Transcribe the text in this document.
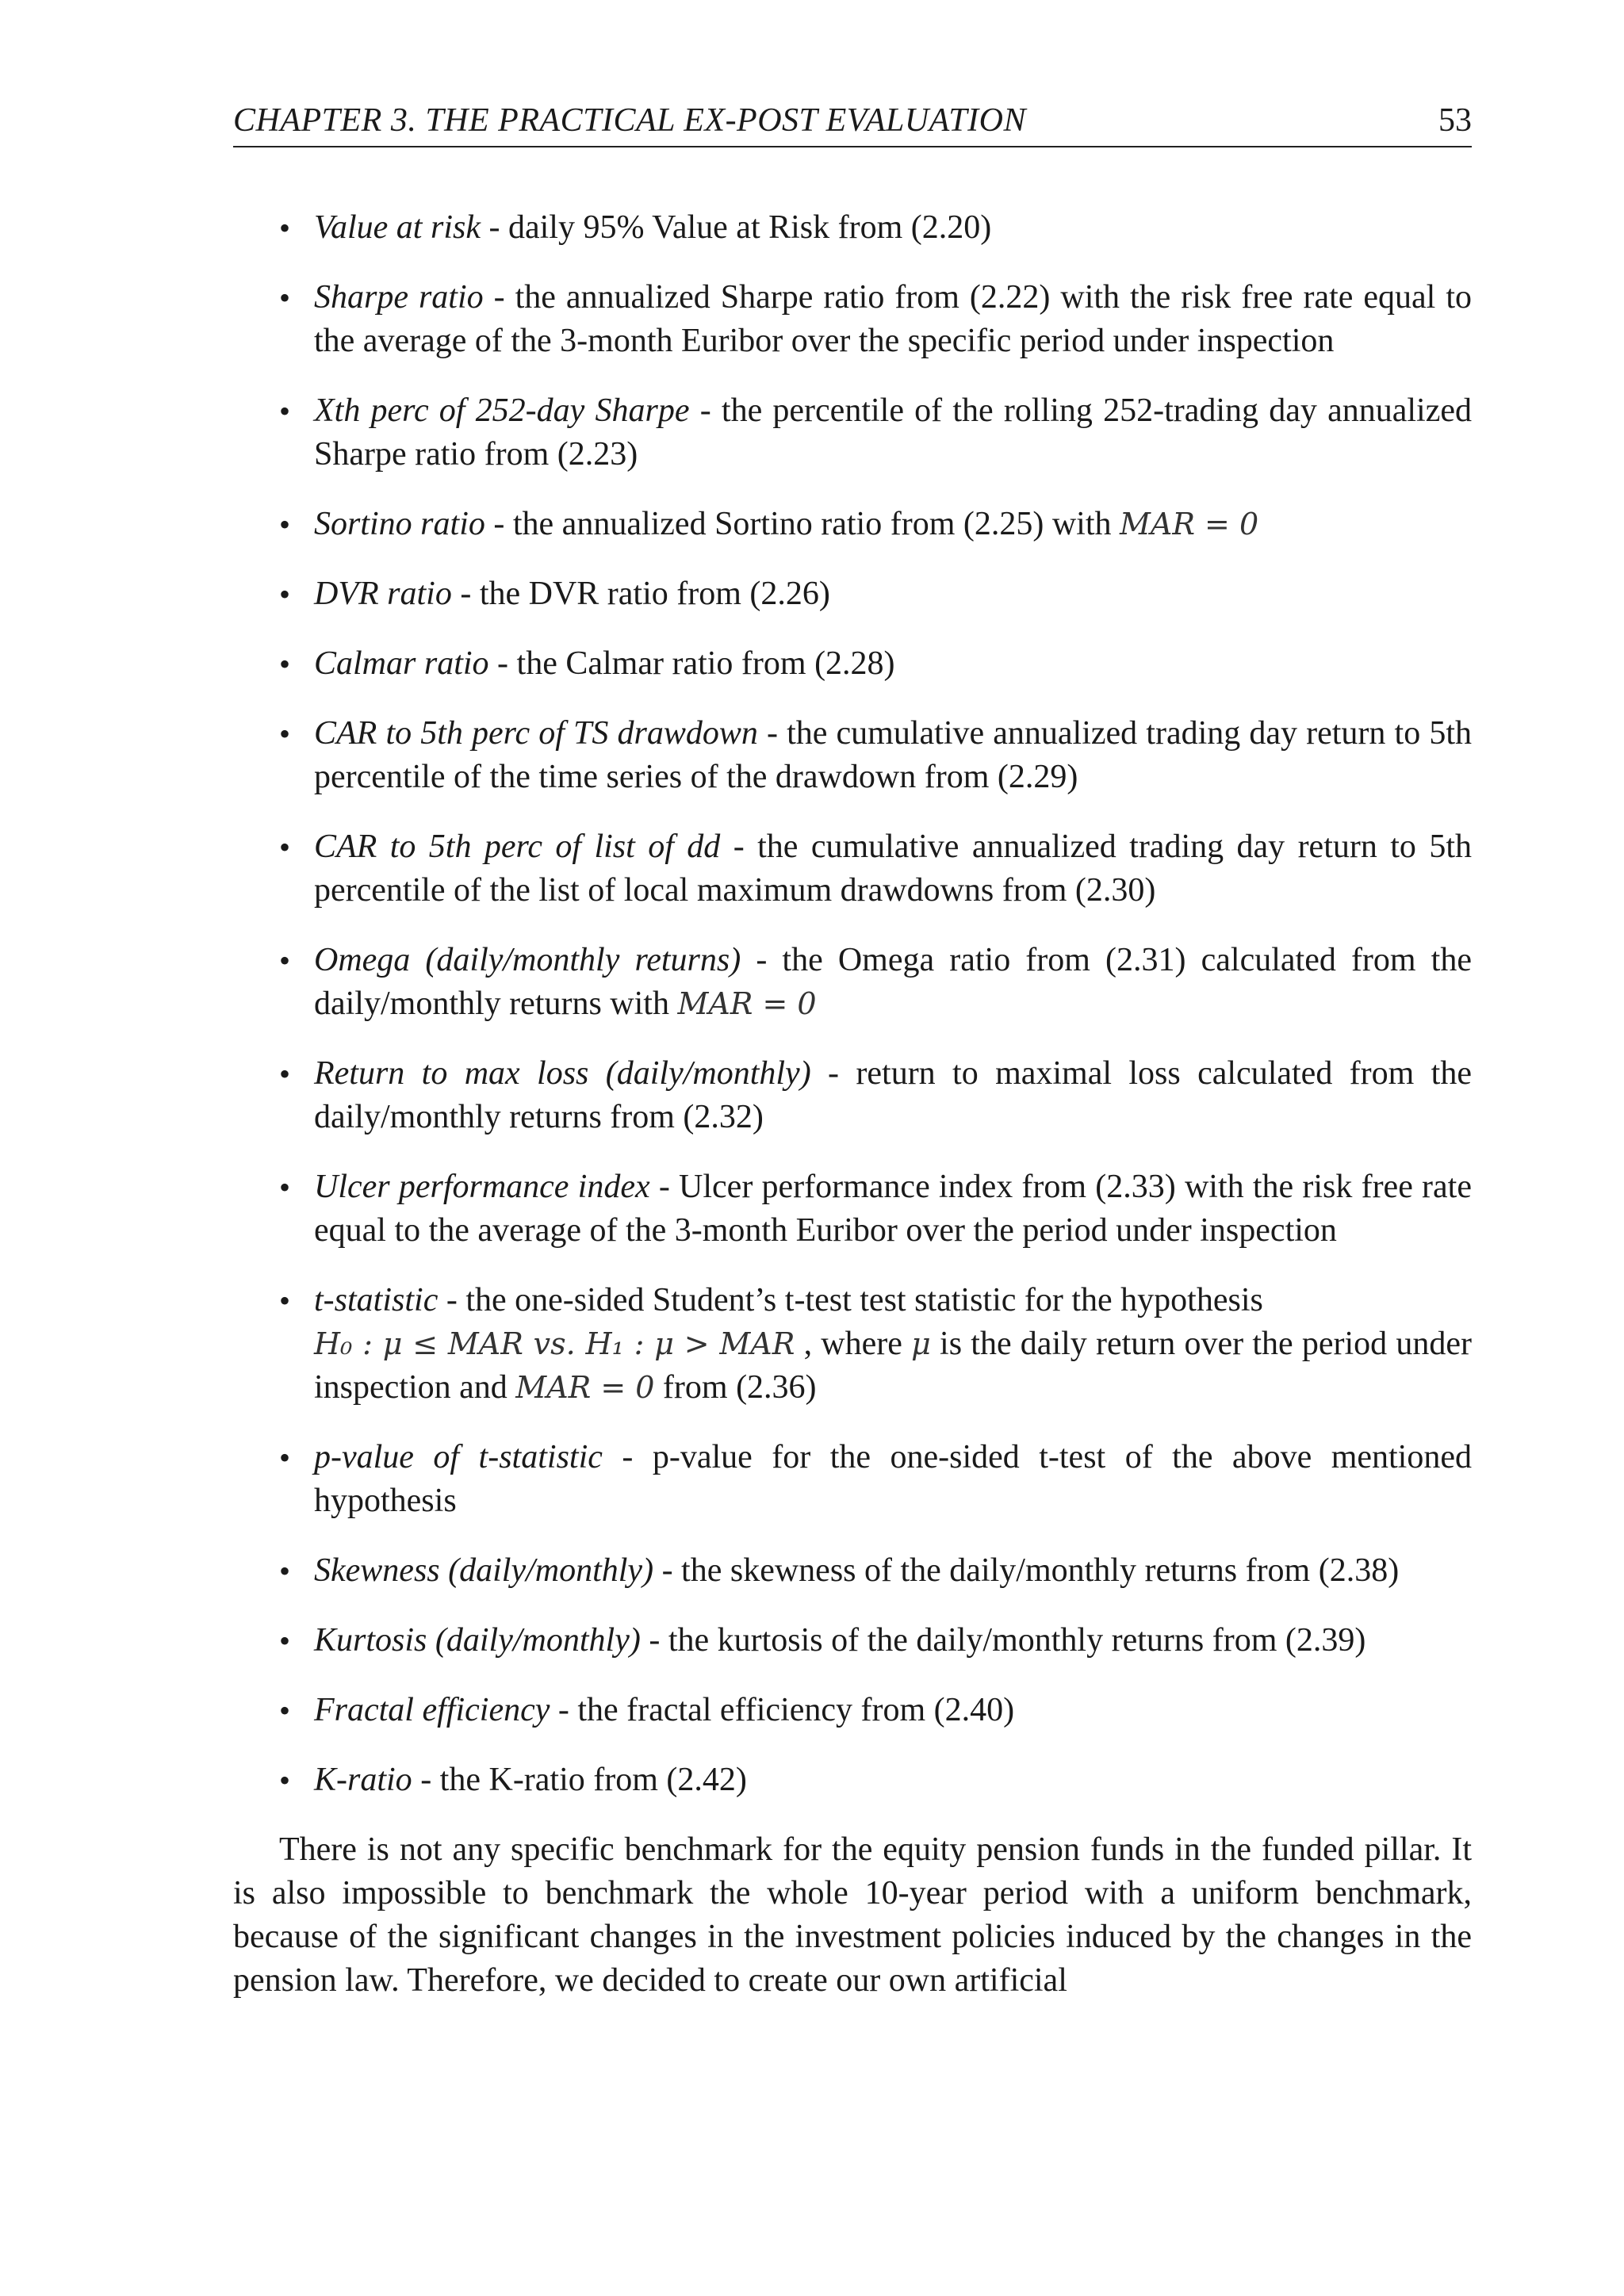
CHAPTER 3. THE PRACTICAL EX-POST EVALUATION	53
• Value at risk - daily 95% Value at Risk from (2.20)
• Sharpe ratio - the annualized Sharpe ratio from (2.22) with the risk free rate equal to the average of the 3-month Euribor over the specific period under inspection
• Xth perc of 252-day Sharpe - the percentile of the rolling 252-trading day annualized Sharpe ratio from (2.23)
• Sortino ratio - the annualized Sortino ratio from (2.25) with MAR = 0
• DVR ratio - the DVR ratio from (2.26)
• Calmar ratio - the Calmar ratio from (2.28)
• CAR to 5th perc of TS drawdown - the cumulative annualized trading day return to 5th percentile of the time series of the drawdown from (2.29)
• CAR to 5th perc of list of dd - the cumulative annualized trading day return to 5th percentile of the list of local maximum drawdowns from (2.30)
• Omega (daily/monthly returns) - the Omega ratio from (2.31) calculated from the daily/monthly returns with MAR = 0
• Return to max loss (daily/monthly) - return to maximal loss calculated from the daily/monthly returns from (2.32)
• Ulcer performance index - Ulcer performance index from (2.33) with the risk free rate equal to the average of the 3-month Euribor over the period under inspection
• t-statistic - the one-sided Student’s t-test test statistic for the hypothesis
H₀ : μ ≤ MAR vs. H₁ : μ > MAR , where μ is the daily return over the period under inspection and MAR = 0 from (2.36)
• p-value of t-statistic - p-value for the one-sided t-test of the above mentioned hypothesis
• Skewness (daily/monthly) - the skewness of the daily/monthly returns from (2.38)
• Kurtosis (daily/monthly) - the kurtosis of the daily/monthly returns from (2.39)
• Fractal efficiency - the fractal efficiency from (2.40)
• K-ratio - the K-ratio from (2.42)

There is not any specific benchmark for the equity pension funds in the funded pillar. It is also impossible to benchmark the whole 10-year period with a uniform benchmark, because of the significant changes in the investment policies induced by the changes in the pension law. Therefore, we decided to create our own artificial
